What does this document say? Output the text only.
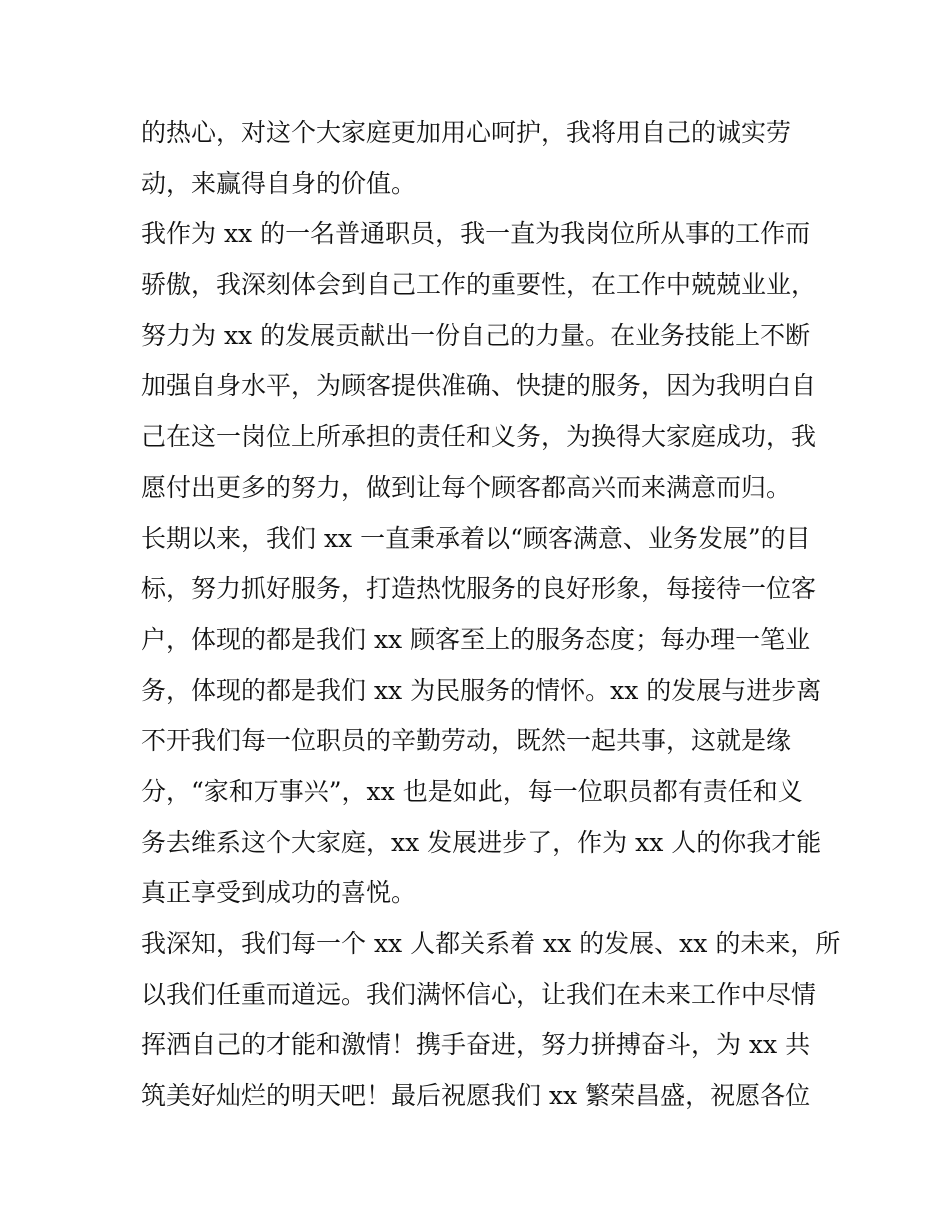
的热心，对这个大家庭更加用心呵护，我将用自己的诚实劳
动，来赢得自身的价值。
我作为 xx 的一名普通职员，我一直为我岗位所从事的工作而
骄傲，我深刻体会到自己工作的重要性，在工作中兢兢业业，
努力为 xx 的发展贡献出一份自己的力量。在业务技能上不断
加强自身水平，为顾客提供准确、快捷的服务，因为我明白自
己在这一岗位上所承担的责任和义务，为换得大家庭成功，我
愿付出更多的努力，做到让每个顾客都高兴而来满意而归。
长期以来，我们 xx 一直秉承着以“顾客满意、业务发展”的目
标，努力抓好服务，打造热忱服务的良好形象，每接待一位客
户，体现的都是我们 xx 顾客至上的服务态度；每办理一笔业
务，体现的都是我们 xx 为民服务的情怀。xx 的发展与进步离
不开我们每一位职员的辛勤劳动，既然一起共事，这就是缘
分，“家和万事兴”，xx 也是如此，每一位职员都有责任和义
务去维系这个大家庭，xx 发展进步了，作为 xx 人的你我才能
真正享受到成功的喜悦。
我深知，我们每一个 xx 人都关系着 xx 的发展、xx 的未来，所
以我们任重而道远。我们满怀信心，让我们在未来工作中尽情
挥洒自己的才能和激情！携手奋进，努力拼搏奋斗，为 xx 共
筑美好灿烂的明天吧！最后祝愿我们 xx 繁荣昌盛，祝愿各位
